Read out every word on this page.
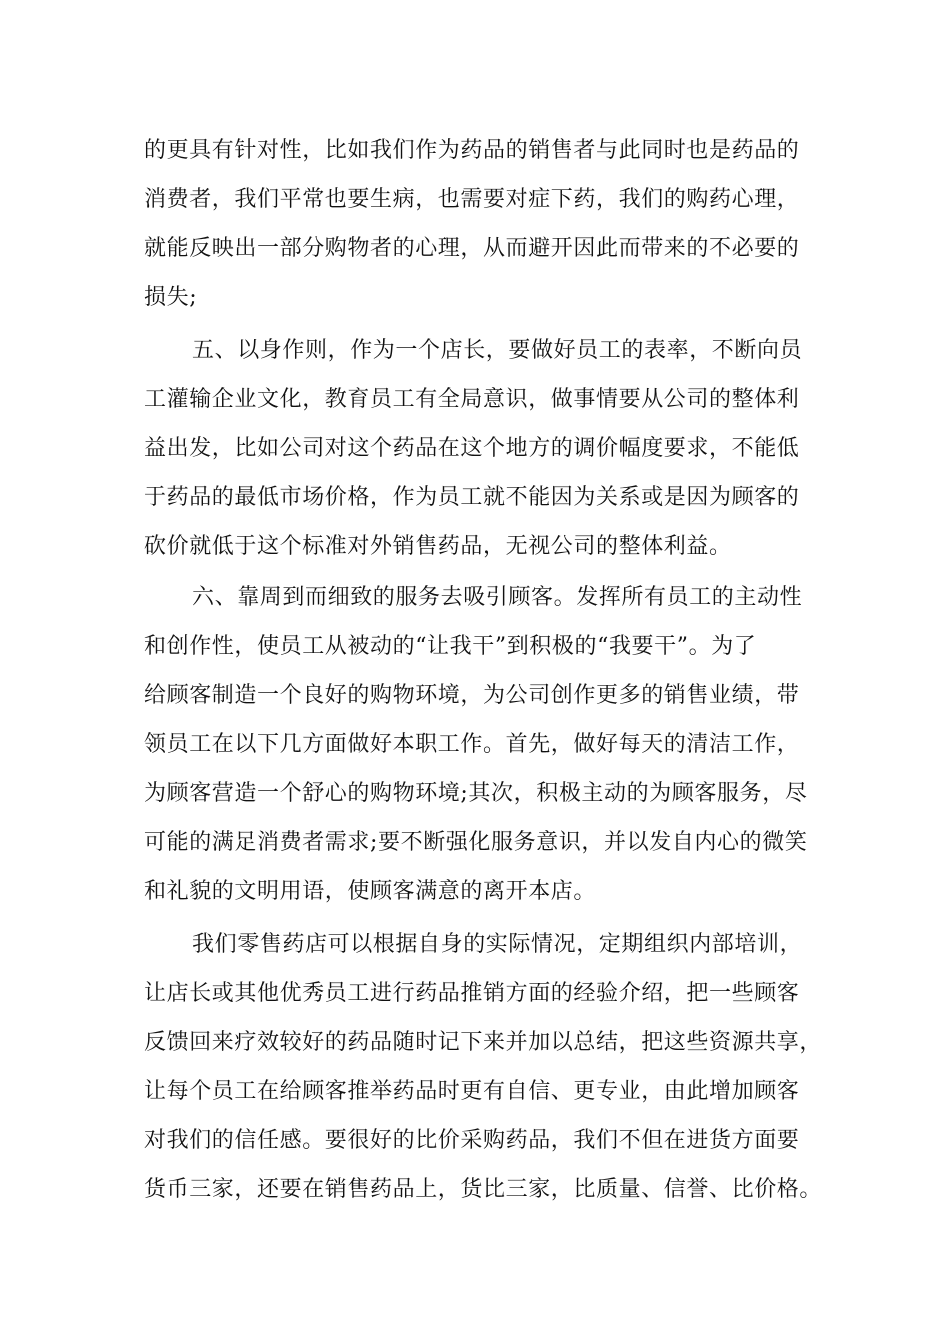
的更具有针对性，比如我们作为药品的销售者与此同时也是药品的
消费者，我们平常也要生病，也需要对症下药，我们的购药心理，
就能反映出一部分购物者的心理，从而避开因此而带来的不必要的
损失;
五、以身作则，作为一个店长，要做好员工的表率，不断向员
工灌输企业文化，教育员工有全局意识，做事情要从公司的整体利
益出发，比如公司对这个药品在这个地方的调价幅度要求，不能低
于药品的最低市场价格，作为员工就不能因为关系或是因为顾客的
砍价就低于这个标准对外销售药品，无视公司的整体利益。
六、靠周到而细致的服务去吸引顾客。发挥所有员工的主动性
和创作性，使员工从被动的“让我干”到积极的“我要干”。为了
给顾客制造一个良好的购物环境，为公司创作更多的销售业绩，带
领员工在以下几方面做好本职工作。首先，做好每天的清洁工作，
为顾客营造一个舒心的购物环境;其次，积极主动的为顾客服务，尽
可能的满足消费者需求;要不断强化服务意识，并以发自内心的微笑
和礼貌的文明用语，使顾客满意的离开本店。
我们零售药店可以根据自身的实际情况，定期组织内部培训，
让店长或其他优秀员工进行药品推销方面的经验介绍，把一些顾客
反馈回来疗效较好的药品随时记下来并加以总结，把这些资源共享，
让每个员工在给顾客推举药品时更有自信、更专业，由此增加顾客
对我们的信任感。要很好的比价采购药品，我们不但在进货方面要
货币三家，还要在销售药品上，货比三家，比质量、信誉、比价格。
